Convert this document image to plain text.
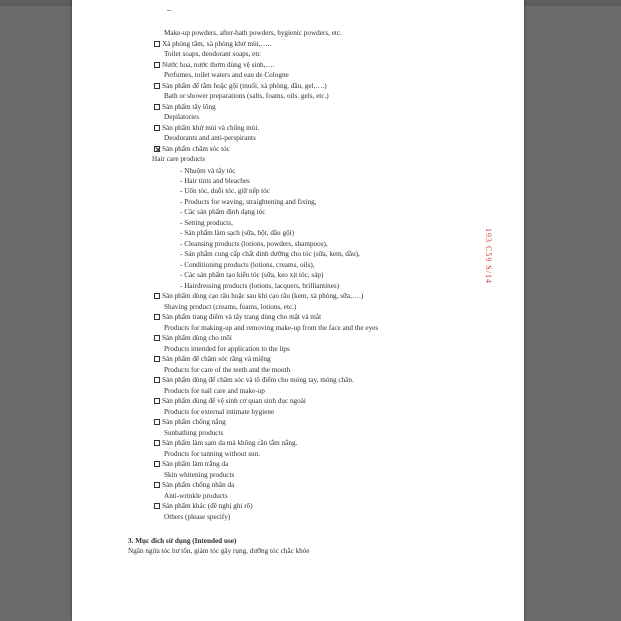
Make-up powders, after-bath powders, hygienic powders, etc.
Xà phòng tắm, xà phòng khử mùi,…..
Toilet soaps, deodorant soaps, etc
Nước hoa, nước thơm dùng vệ sinh,….
Perfumes, toilet waters and eau de Cologne
Sản phẩm để tắm hoặc gội (muối, xà phòng, dầu, gel,….)
Bath or shower preparations (salts, foams, oils. gels, etc.)
Sản phẩm tẩy lông
Depilatories
Sản phẩm khử mùi và chống mùi.
Deodorants and anti-perspirants
Sản phẩm chăm sóc tóc
Hair care products
- Nhuộm và tẩy tóc
- Hair tints and bleaches
- Uốn tóc, duỗi tóc, giữ nếp tóc
- Products for waving, straightening and fixing,
- Các sản phẩm định dạng tóc
- Setting products,
- Sản phẩm làm sạch (sữa, bột, dầu gội)
- Cleansing products (lotions, powders, shampoos),
- Sản phẩm cung cấp chất dinh dưỡng cho tóc (sữa, kem, dầu),
- Conditioning products (lotions, creams, oils),
- Các sản phẩm tạo kiểu tóc (sữa, keo xịt tóc, sáp)
- Hairdressing products (lotions, lacquers, brilliantines)
Sản phẩm dùng cạo râu hoặc sau khi cạo râu (kem, xà phòng, sữa,….)
Shaving product (creams, foams, lotions, etc.)
Sản phẩm trang điểm và tẩy trang dùng cho mặt và mắt
Products for making-up and removing make-up from the face and the eyes
Sản phẩm dùng cho môi
Products intended for application to the lips
Sản phẩm để chăm sóc răng và miệng
Products for care of the teeth and the mouth
Sản phẩm dùng để chăm sóc và tô điểm cho móng tay, móng chân.
Products for nail care and make-up
Sản phẩm dùng để vệ sinh cơ quan sinh dục ngoài
Products for external intimate hygiene
Sản phẩm chống nắng
Sunbathing products
Sản phẩm làm sạm da mà không cần tắm nắng.
Products for tanning without sun.
Sản phẩm làm trắng da
Skin whitening products
Sản phẩm chống nhăn da
Anti-wrinkle products
Sản phẩm khác (đề nghị ghi rõ)
Others (please specify)
3. Mục đích sử dụng (Intended use)
Ngăn ngừa tóc hư tổn, giảm tóc gãy rụng, dưỡng tóc chắc khỏe
193 C59 S/14
